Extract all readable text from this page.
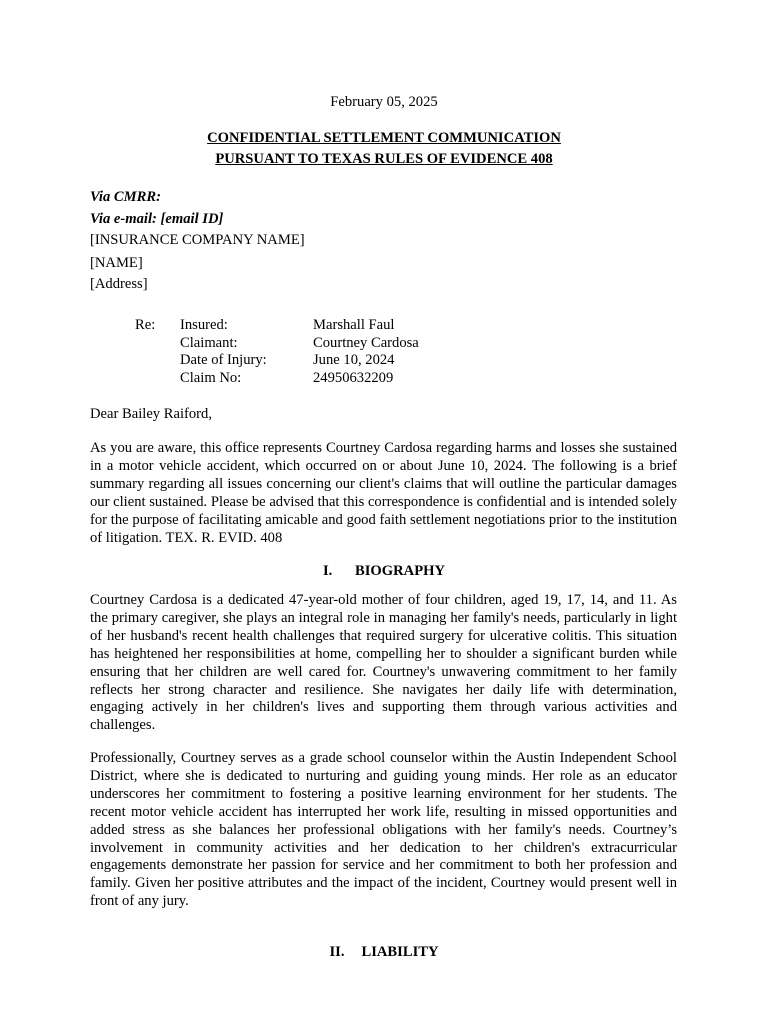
February 05, 2025
CONFIDENTIAL SETTLEMENT COMMUNICATION
PURSUANT TO TEXAS RULES OF EVIDENCE 408
Via CMRR:
Via e-mail: [email ID]
[INSURANCE COMPANY NAME]
[NAME]
[Address]
Re: Insured:	Marshall Faul
Claimant:	Courtney Cardosa
Date of Injury:	June 10, 2024
Claim No:	24950632209
Dear Bailey Raiford,
As you are aware, this office represents Courtney Cardosa regarding harms and losses she sustained in a motor vehicle accident, which occurred on or about June 10, 2024. The following is a brief summary regarding all issues concerning our client's claims that will outline the particular damages our client sustained. Please be advised that this correspondence is confidential and is intended solely for the purpose of facilitating amicable and good faith settlement negotiations prior to the institution of litigation. TEX. R. EVID. 408
I. BIOGRAPHY
Courtney Cardosa is a dedicated 47-year-old mother of four children, aged 19, 17, 14, and 11. As the primary caregiver, she plays an integral role in managing her family's needs, particularly in light of her husband's recent health challenges that required surgery for ulcerative colitis. This situation has heightened her responsibilities at home, compelling her to shoulder a significant burden while ensuring that her children are well cared for. Courtney's unwavering commitment to her family reflects her strong character and resilience. She navigates her daily life with determination, engaging actively in her children's lives and supporting them through various activities and challenges.
Professionally, Courtney serves as a grade school counselor within the Austin Independent School District, where she is dedicated to nurturing and guiding young minds. Her role as an educator underscores her commitment to fostering a positive learning environment for her students. The recent motor vehicle accident has interrupted her work life, resulting in missed opportunities and added stress as she balances her professional obligations with her family's needs. Courtney’s involvement in community activities and her dedication to her children's extracurricular engagements demonstrate her passion for service and her commitment to both her profession and family. Given her positive attributes and the impact of the incident, Courtney would present well in front of any jury.
II. LIABILITY
